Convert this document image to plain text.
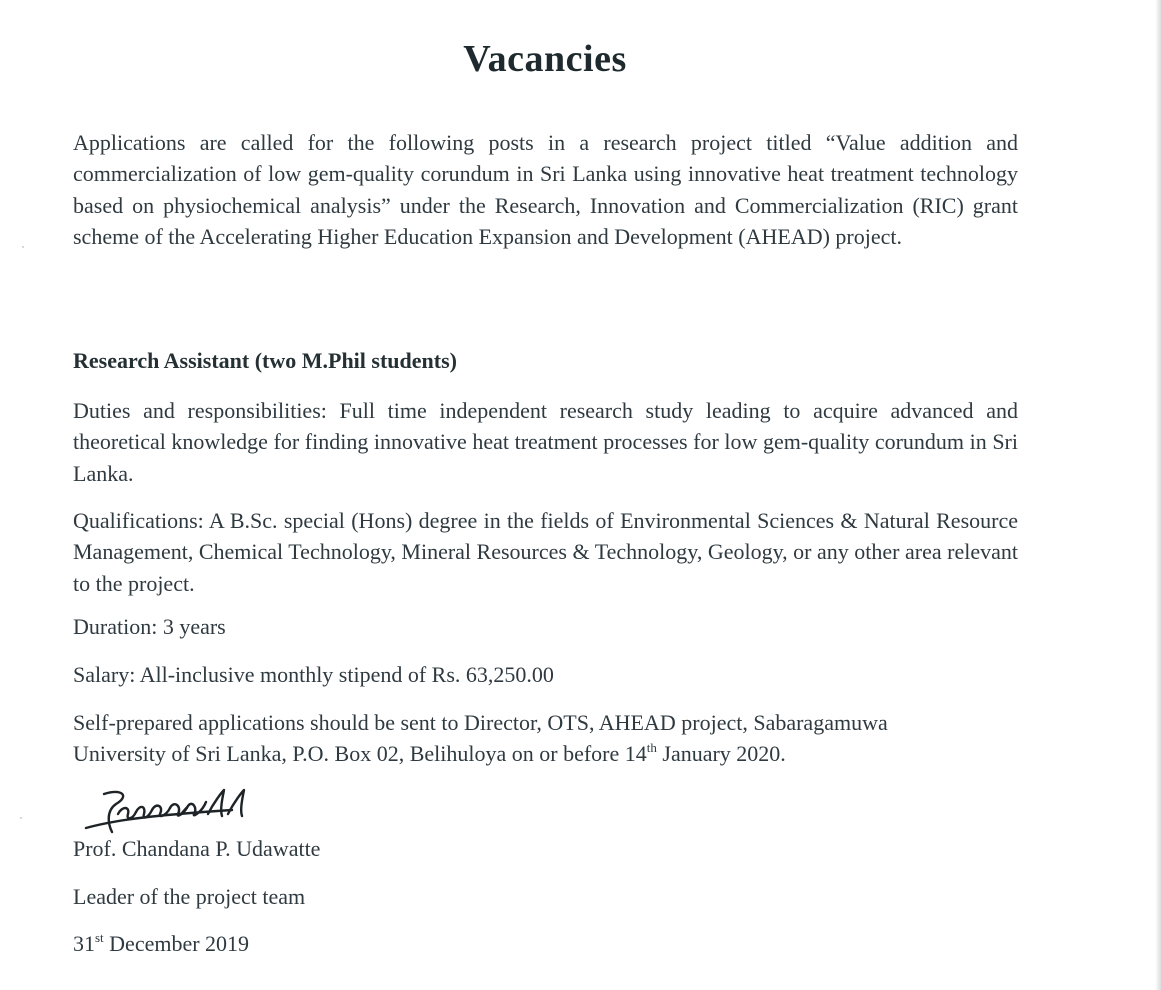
Vacancies

Applications are called for the following posts in a research project titled “Value addition and commercialization of low gem-quality corundum in Sri Lanka using innovative heat treatment technology based on physiochemical analysis” under the Research, Innovation and Commercialization (RIC) grant scheme of the Accelerating Higher Education Expansion and Development (AHEAD) project.

Research Assistant (two M.Phil students)

Duties and responsibilities: Full time independent research study leading to acquire advanced and theoretical knowledge for finding innovative heat treatment processes for low gem-quality corundum in Sri Lanka.

Qualifications: A B.Sc. special (Hons) degree in the fields of Environmental Sciences & Natural Resource Management, Chemical Technology, Mineral Resources & Technology, Geology, or any other area relevant to the project.

Duration: 3 years

Salary: All-inclusive monthly stipend of Rs. 63,250.00

Self-prepared applications should be sent to Director, OTS, AHEAD project, Sabaragamuwa

University of Sri Lanka, P.O. Box 02, Belihuloya on or before 14th January 2020.

Prof. Chandana P. Udawatte

Leader of the project team

31st December 2019
